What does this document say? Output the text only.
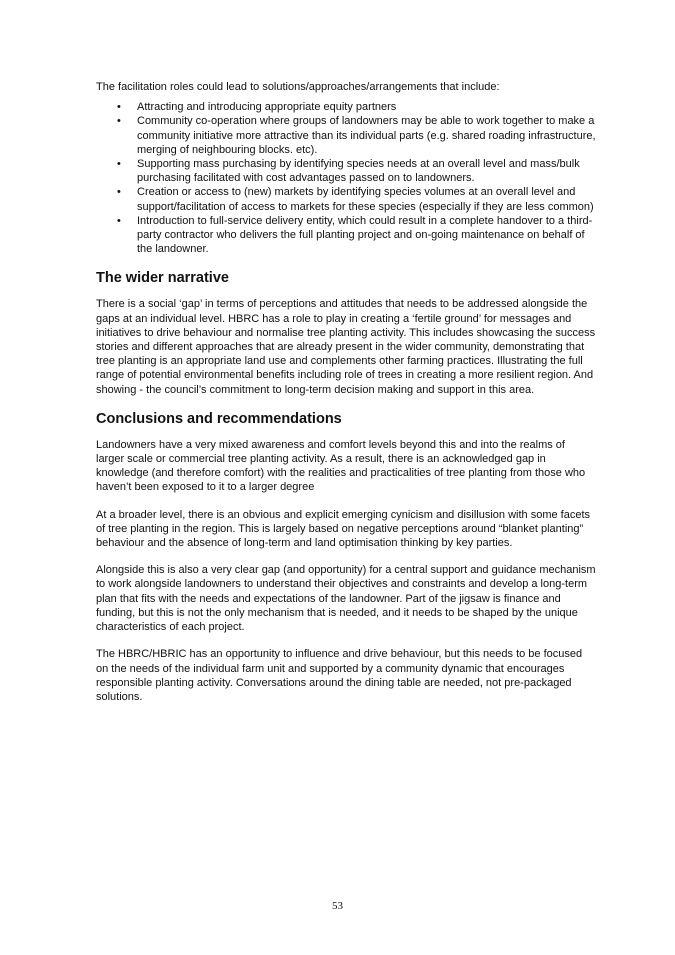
The facilitation roles could lead to solutions/approaches/arrangements that include:

• Attracting and introducing appropriate equity partners
• Community co-operation where groups of landowners may be able to work together to make a community initiative more attractive than its individual parts (e.g. shared roading infrastructure, merging of neighbouring blocks. etc).
• Supporting mass purchasing by identifying species needs at an overall level and mass/bulk purchasing facilitated with cost advantages passed on to landowners.
• Creation or access to (new) markets by identifying species volumes at an overall level and support/facilitation of access to markets for these species (especially if they are less common)
• Introduction to full-service delivery entity, which could result in a complete handover to a third-party contractor who delivers the full planting project and on-going maintenance on behalf of the landowner.
The wider narrative

There is a social ‘gap’ in terms of perceptions and attitudes that needs to be addressed alongside the gaps at an individual level. HBRC has a role to play in creating a ‘fertile ground’ for messages and initiatives to drive behaviour and normalise tree planting activity. This includes showcasing the success stories and different approaches that are already present in the wider community, demonstrating that tree planting is an appropriate land use and complements other farming practices. Illustrating the full range of potential environmental benefits including role of trees in creating a more resilient region. And showing - the council’s commitment to long-term decision making and support in this area.

Conclusions and recommendations

Landowners have a very mixed awareness and comfort levels beyond this and into the realms of larger scale or commercial tree planting activity. As a result, there is an acknowledged gap in knowledge (and therefore comfort) with the realities and practicalities of tree planting from those who haven’t been exposed to it to a larger degree

At a broader level, there is an obvious and explicit emerging cynicism and disillusion with some facets of tree planting in the region. This is largely based on negative perceptions around “blanket planting” behaviour and the absence of long-term and land optimisation thinking by key parties.

Alongside this is also a very clear gap (and opportunity) for a central support and guidance mechanism to work alongside landowners to understand their objectives and constraints and develop a long-term plan that fits with the needs and expectations of the landowner. Part of the jigsaw is finance and funding, but this is not the only mechanism that is needed, and it needs to be shaped by the unique characteristics of each project.

The HBRC/HBRIC has an opportunity to influence and drive behaviour, but this needs to be focused on the needs of the individual farm unit and supported by a community dynamic that encourages responsible planting activity. Conversations around the dining table are needed, not pre-packaged solutions.

53
